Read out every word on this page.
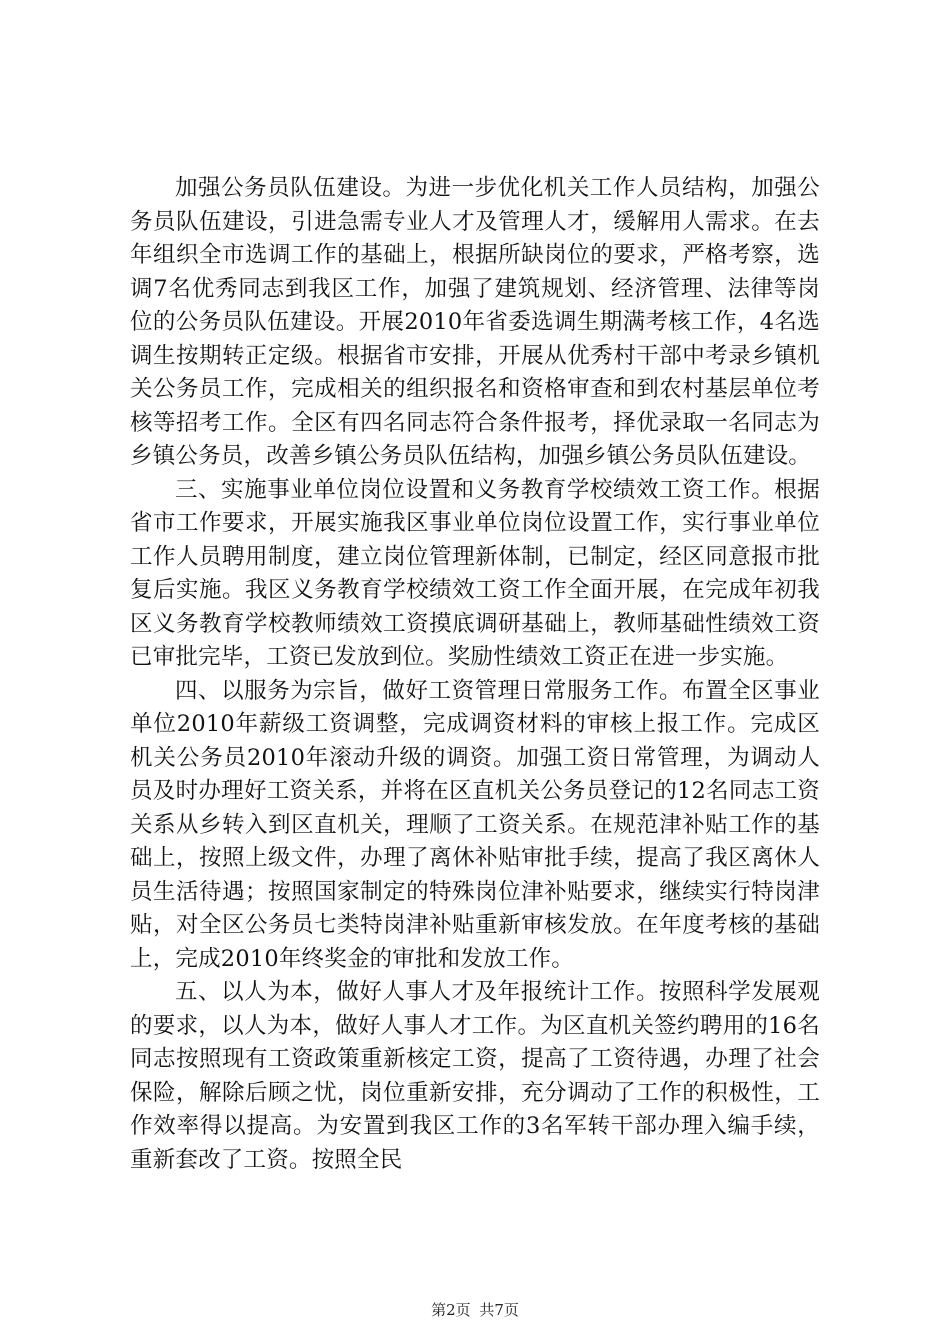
加强公务员队伍建设。为进一步优化机关工作人员结构，加强公务员队伍建设，引进急需专业人才及管理人才，缓解用人需求。在去年组织全市选调工作的基础上，根据所缺岗位的要求，严格考察，选调7名优秀同志到我区工作，加强了建筑规划、经济管理、法律等岗位的公务员队伍建设。开展2010年省委选调生期满考核工作，4名选调生按期转正定级。根据省市安排，开展从优秀村干部中考录乡镇机关公务员工作，完成相关的组织报名和资格审查和到农村基层单位考核等招考工作。全区有四名同志符合条件报考，择优录取一名同志为乡镇公务员，改善乡镇公务员队伍结构，加强乡镇公务员队伍建设。

三、实施事业单位岗位设置和义务教育学校绩效工资工作。根据省市工作要求，开展实施我区事业单位岗位设置工作，实行事业单位工作人员聘用制度，建立岗位管理新体制，已制定，经区同意报市批复后实施。我区义务教育学校绩效工资工作全面开展，在完成年初我区义务教育学校教师绩效工资摸底调研基础上，教师基础性绩效工资已审批完毕，工资已发放到位。奖励性绩效工资正在进一步实施。

四、以服务为宗旨，做好工资管理日常服务工作。布置全区事业单位2010年薪级工资调整，完成调资材料的审核上报工作。完成区机关公务员2010年滚动升级的调资。加强工资日常管理，为调动人员及时办理好工资关系，并将在区直机关公务员登记的12名同志工资关系从乡转入到区直机关，理顺了工资关系。在规范津补贴工作的基础上，按照上级文件，办理了离休补贴审批手续，提高了我区离休人员生活待遇；按照国家制定的特殊岗位津补贴要求，继续实行特岗津贴，对全区公务员七类特岗津补贴重新审核发放。在年度考核的基础上，完成2010年终奖金的审批和发放工作。

五、以人为本，做好人事人才及年报统计工作。按照科学发展观的要求，以人为本，做好人事人才工作。为区直机关签约聘用的16名同志按照现有工资政策重新核定工资，提高了工资待遇，办理了社会保险，解除后顾之忧，岗位重新安排，充分调动了工作的积极性，工作效率得以提高。为安置到我区工作的3名军转干部办理入编手续，重新套改了工资。按照全民

第2页 共7页
